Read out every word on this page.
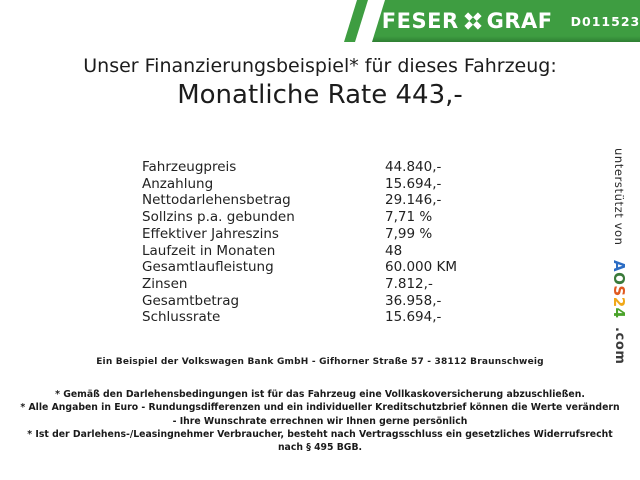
FESER GRAF D011523
Unser Finanzierungsbeispiel* für dieses Fahrzeug:
Monatliche Rate 443,-
Fahrzeugpreis	44.840,-
Anzahlung	15.694,-
Nettodarlehensbetrag	29.146,-
Sollzins p.a. gebunden	7,71 %
Effektiver Jahreszins	7,99 %
Laufzeit in Monaten	48
Gesamtlaufleistung	60.000 KM
Zinsen	7.812,-
Gesamtbetrag	36.958,-
Schlussrate	15.694,-
unterstützt von AOS24 .com
Ein Beispiel der Volkswagen Bank GmbH - Gifhorner Straße 57 - 38112 Braunschweig
* Gemäß den Darlehensbedingungen ist für das Fahrzeug eine Vollkaskoversicherung abzuschließen.
* Alle Angaben in Euro - Rundungsdifferenzen und ein individueller Kreditschutzbrief können die Werte verändern
- Ihre Wunschrate errechnen wir Ihnen gerne persönlich
* Ist der Darlehens-/Leasingnehmer Verbraucher, besteht nach Vertragsschluss ein gesetzliches Widerrufsrecht
nach § 495 BGB.
